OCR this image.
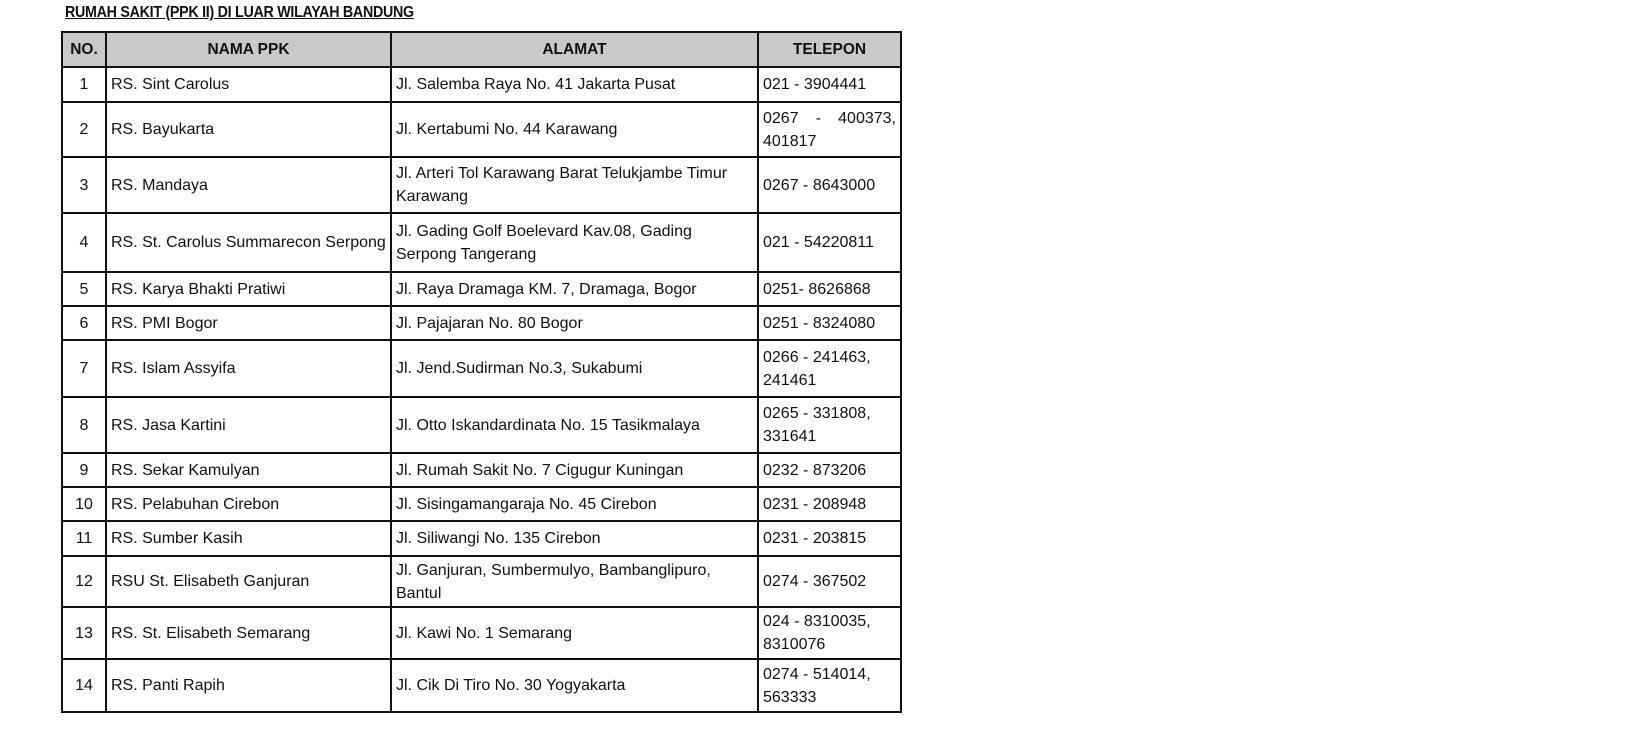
RUMAH SAKIT (PPK II) DI LUAR WILAYAH BANDUNG
NO.	NAMA PPK	ALAMAT	TELEPON
1	RS. Sint Carolus	Jl. Salemba Raya No. 41 Jakarta Pusat	021 - 3904441
2	RS. Bayukarta	Jl. Kertabumi No. 44 Karawang	0267 - 400373, 401817
3	RS. Mandaya	Jl. Arteri Tol Karawang Barat Telukjambe Timur Karawang	0267 - 8643000
4	RS. St. Carolus Summarecon Serpong	Jl. Gading Golf Boelevard Kav.08, Gading Serpong Tangerang	021 - 54220811
5	RS. Karya Bhakti Pratiwi	Jl. Raya Dramaga KM. 7, Dramaga, Bogor	0251- 8626868
6	RS. PMI Bogor	Jl. Pajajaran No. 80 Bogor	0251 - 8324080
7	RS. Islam Assyifa	Jl. Jend.Sudirman No.3, Sukabumi	0266 - 241463, 241461
8	RS. Jasa Kartini	Jl. Otto Iskandardinata No. 15 Tasikmalaya	0265 - 331808, 331641
9	RS. Sekar Kamulyan	Jl. Rumah Sakit No. 7 Cigugur Kuningan	0232 - 873206
10	RS. Pelabuhan Cirebon	Jl. Sisingamangaraja No. 45 Cirebon	0231 - 208948
11	RS. Sumber Kasih	Jl. Siliwangi No. 135 Cirebon	0231 - 203815
12	RSU St. Elisabeth Ganjuran	Jl. Ganjuran, Sumbermulyo, Bambanglipuro, Bantul	0274 - 367502
13	RS. St. Elisabeth Semarang	Jl. Kawi No. 1 Semarang	024 - 8310035, 8310076
14	RS. Panti Rapih	Jl. Cik Di Tiro No. 30 Yogyakarta	0274 - 514014, 563333
